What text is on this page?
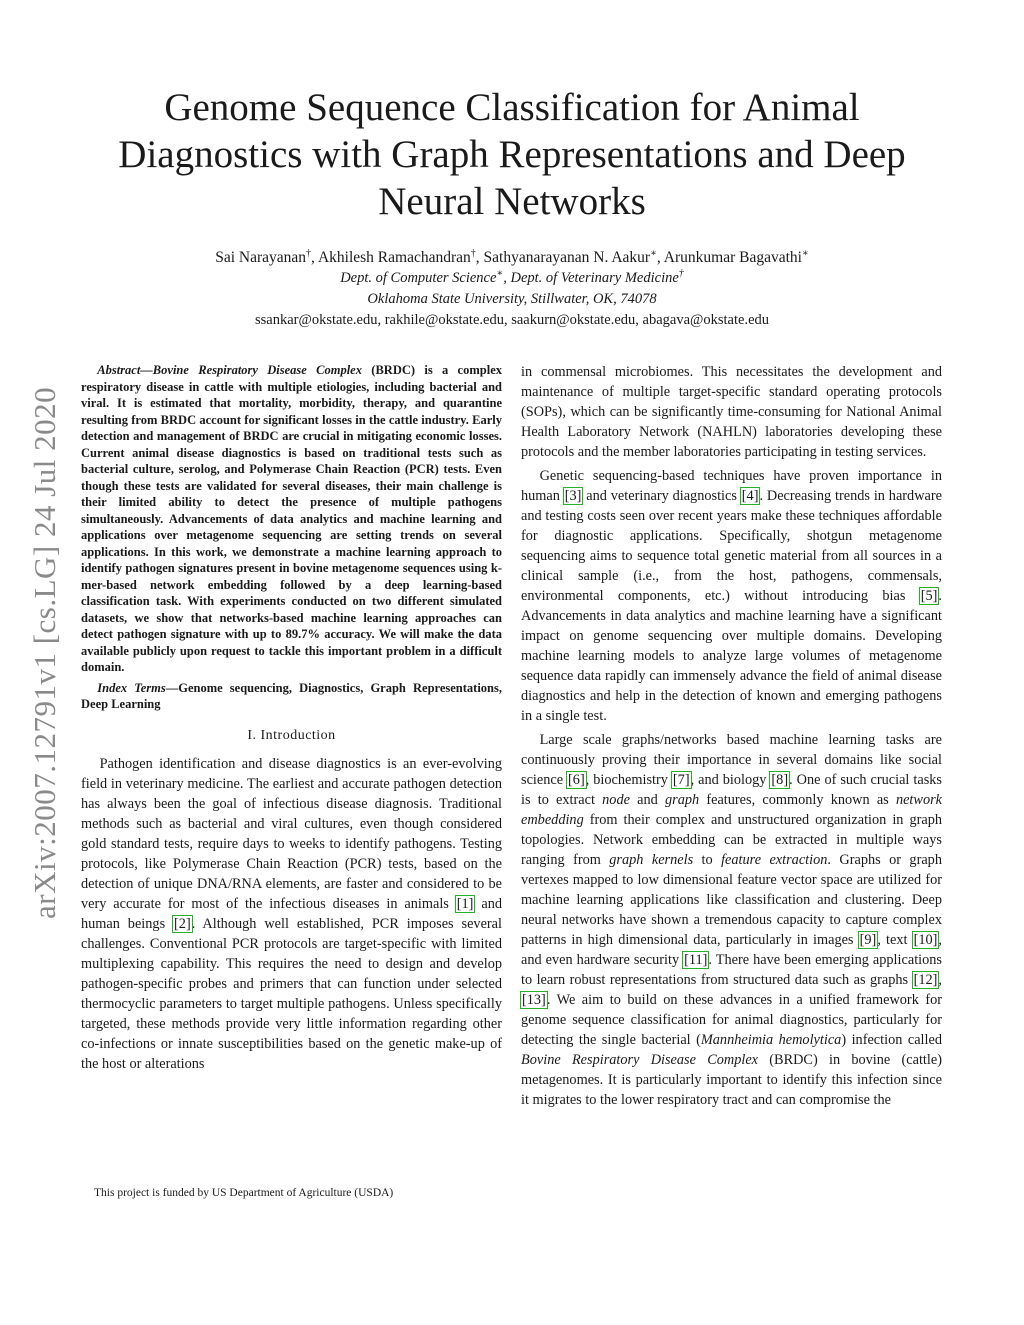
arXiv:2007.12791v1 [cs.LG] 24 Jul 2020
Genome Sequence Classification for Animal Diagnostics with Graph Representations and Deep Neural Networks
Sai Narayanan†, Akhilesh Ramachandran†, Sathyanarayanan N. Aakur∗, Arunkumar Bagavathi∗
Dept. of Computer Science∗, Dept. of Veterinary Medicine†
Oklahoma State University, Stillwater, OK, 74078
ssankar@okstate.edu, rakhile@okstate.edu, saakurn@okstate.edu, abagava@okstate.edu

Abstract—Bovine Respiratory Disease Complex (BRDC) is a complex respiratory disease in cattle with multiple etiologies, including bacterial and viral. It is estimated that mortality, morbidity, therapy, and quarantine resulting from BRDC account for significant losses in the cattle industry. Early detection and management of BRDC are crucial in mitigating economic losses. Current animal disease diagnostics is based on traditional tests such as bacterial culture, serolog, and Polymerase Chain Reaction (PCR) tests. Even though these tests are validated for several diseases, their main challenge is their limited ability to detect the presence of multiple pathogens simultaneously. Advancements of data analytics and machine learning and applications over metagenome sequencing are setting trends on several applications. In this work, we demonstrate a machine learning approach to identify pathogen signatures present in bovine metagenome sequences using k-mer-based network embedding followed by a deep learning-based classification task. With experiments conducted on two different simulated datasets, we show that networks-based machine learning approaches can detect pathogen signature with up to 89.7% accuracy. We will make the data available publicly upon request to tackle this important problem in a difficult domain.

Index Terms—Genome sequencing, Diagnostics, Graph Representations, Deep Learning

I. Introduction

Pathogen identification and disease diagnostics is an ever-evolving field in veterinary medicine. The earliest and accurate pathogen detection has always been the goal of infectious disease diagnosis. Traditional methods such as bacterial and viral cultures, even though considered gold standard tests, require days to weeks to identify pathogens. Testing protocols, like Polymerase Chain Reaction (PCR) tests, based on the detection of unique DNA/RNA elements, are faster and considered to be very accurate for most of the infectious diseases in animals [1] and human beings [2]. Although well established, PCR imposes several challenges. Conventional PCR protocols are target-specific with limited multiplexing capability. This requires the need to design and develop pathogen-specific probes and primers that can function under selected thermocyclic parameters to target multiple pathogens. Unless specifically targeted, these methods provide very little information regarding other co-infections or innate susceptibilities based on the genetic make-up of the host or alterations

in commensal microbiomes. This necessitates the development and maintenance of multiple target-specific standard operating protocols (SOPs), which can be significantly time-consuming for National Animal Health Laboratory Network (NAHLN) laboratories developing these protocols and the member laboratories participating in testing services.

Genetic sequencing-based techniques have proven importance in human [3] and veterinary diagnostics [4]. Decreasing trends in hardware and testing costs seen over recent years make these techniques affordable for diagnostic applications. Specifically, shotgun metagenome sequencing aims to sequence total genetic material from all sources in a clinical sample (i.e., from the host, pathogens, commensals, environmental components, etc.) without introducing bias [5]. Advancements in data analytics and machine learning have a significant impact on genome sequencing over multiple domains. Developing machine learning models to analyze large volumes of metagenome sequence data rapidly can immensely advance the field of animal disease diagnostics and help in the detection of known and emerging pathogens in a single test.

Large scale graphs/networks based machine learning tasks are continuously proving their importance in several domains like social science [6], biochemistry [7], and biology [8]. One of such crucial tasks is to extract node and graph features, commonly known as network embedding from their complex and unstructured organization in graph topologies. Network embedding can be extracted in multiple ways ranging from graph kernels to feature extraction. Graphs or graph vertexes mapped to low dimensional feature vector space are utilized for machine learning applications like classification and clustering. Deep neural networks have shown a tremendous capacity to capture complex patterns in high dimensional data, particularly in images [9], text [10], and even hardware security [11]. There have been emerging applications to learn robust representations from structured data such as graphs [12], [13]. We aim to build on these advances in a unified framework for genome sequence classification for animal diagnostics, particularly for detecting the single bacterial (Mannheimia hemolytica) infection called Bovine Respiratory Disease Complex (BRDC) in bovine (cattle) metagenomes. It is particularly important to identify this infection since it migrates to the lower respiratory tract and can compromise the

This project is funded by US Department of Agriculture (USDA)
